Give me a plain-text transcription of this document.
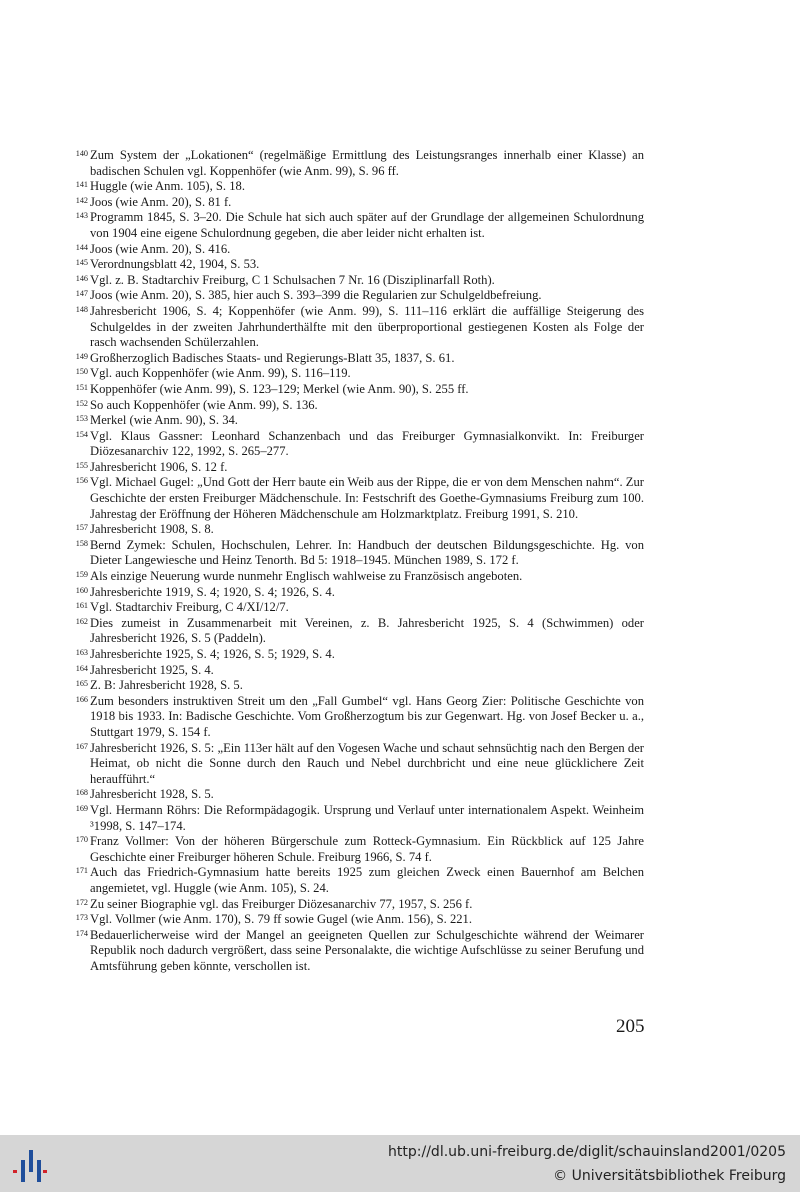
140 Zum System der „Lokationen“ (regelmäßige Ermittlung des Leistungsranges innerhalb einer Klasse) an badischen Schulen vgl. Koppenhöfer (wie Anm. 99), S. 96 ff.
141 Huggle (wie Anm. 105), S. 18.
142 Joos (wie Anm. 20), S. 81 f.
143 Programm 1845, S. 3–20. Die Schule hat sich auch später auf der Grundlage der allgemeinen Schulordnung von 1904 eine eigene Schulordnung gegeben, die aber leider nicht erhalten ist.
144 Joos (wie Anm. 20), S. 416.
145 Verordnungsblatt 42, 1904, S. 53.
146 Vgl. z. B. Stadtarchiv Freiburg, C 1 Schulsachen 7 Nr. 16 (Disziplinarfall Roth).
147 Joos (wie Anm. 20), S. 385, hier auch S. 393–399 die Regularien zur Schulgeldbefreiung.
148 Jahresbericht 1906, S. 4; Koppenhöfer (wie Anm. 99), S. 111–116 erklärt die auffällige Steigerung des Schulgeldes in der zweiten Jahrhunderthälfte mit den überproportional gestiegenen Kosten als Folge der rasch wachsenden Schülerzahlen.
149 Großherzoglich Badisches Staats- und Regierungs-Blatt 35, 1837, S. 61.
150 Vgl. auch Koppenhöfer (wie Anm. 99), S. 116–119.
151 Koppenhöfer (wie Anm. 99), S. 123–129; Merkel (wie Anm. 90), S. 255 ff.
152 So auch Koppenhöfer (wie Anm. 99), S. 136.
153 Merkel (wie Anm. 90), S. 34.
154 Vgl. Klaus Gassner: Leonhard Schanzenbach und das Freiburger Gymnasialkonvikt. In: Freiburger Diözesanarchiv 122, 1992, S. 265–277.
155 Jahresbericht 1906, S. 12 f.
156 Vgl. Michael Gugel: „Und Gott der Herr baute ein Weib aus der Rippe, die er von dem Menschen nahm“. Zur Geschichte der ersten Freiburger Mädchenschule. In: Festschrift des Goethe-Gymnasiums Freiburg zum 100. Jahrestag der Eröffnung der Höheren Mädchenschule am Holzmarktplatz. Freiburg 1991, S. 210.
157 Jahresbericht 1908, S. 8.
158 Bernd Zymek: Schulen, Hochschulen, Lehrer. In: Handbuch der deutschen Bildungsgeschichte. Hg. von Dieter Langewiesche und Heinz Tenorth. Bd 5: 1918–1945. München 1989, S. 172 f.
159 Als einzige Neuerung wurde nunmehr Englisch wahlweise zu Französisch angeboten.
160 Jahresberichte 1919, S. 4; 1920, S. 4; 1926, S. 4.
161 Vgl. Stadtarchiv Freiburg, C 4/XI/12/7.
162 Dies zumeist in Zusammenarbeit mit Vereinen, z. B. Jahresbericht 1925, S. 4 (Schwimmen) oder Jahresbericht 1926, S. 5 (Paddeln).
163 Jahresberichte 1925, S. 4; 1926, S. 5; 1929, S. 4.
164 Jahresbericht 1925, S. 4.
165 Z. B: Jahresbericht 1928, S. 5.
166 Zum besonders instruktiven Streit um den „Fall Gumbel“ vgl. Hans Georg Zier: Politische Geschichte von 1918 bis 1933. In: Badische Geschichte. Vom Großherzogtum bis zur Gegenwart. Hg. von Josef Becker u. a., Stuttgart 1979, S. 154 f.
167 Jahresbericht 1926, S. 5: „Ein 113er hält auf den Vogesen Wache und schaut sehnsüchtig nach den Bergen der Heimat, ob nicht die Sonne durch den Rauch und Nebel durchbricht und eine neue glücklichere Zeit heraufführt.“
168 Jahresbericht 1928, S. 5.
169 Vgl. Hermann Röhrs: Die Reformpädagogik. Ursprung und Verlauf unter internationalem Aspekt. Weinheim ³1998, S. 147–174.
170 Franz Vollmer: Von der höheren Bürgerschule zum Rotteck-Gymnasium. Ein Rückblick auf 125 Jahre Geschichte einer Freiburger höheren Schule. Freiburg 1966, S. 74 f.
171 Auch das Friedrich-Gymnasium hatte bereits 1925 zum gleichen Zweck einen Bauernhof am Belchen angemietet, vgl. Huggle (wie Anm. 105), S. 24.
172 Zu seiner Biographie vgl. das Freiburger Diözesanarchiv 77, 1957, S. 256 f.
173 Vgl. Vollmer (wie Anm. 170), S. 79 ff sowie Gugel (wie Anm. 156), S. 221.
174 Bedauerlicherweise wird der Mangel an geeigneten Quellen zur Schulgeschichte während der Weimarer Republik noch dadurch vergrößert, dass seine Personalakte, die wichtige Aufschlüsse zu seiner Berufung und Amtsführung geben könnte, verschollen ist.
205
http://dl.ub.uni-freiburg.de/diglit/schauinsland2001/0205
© Universitätsbibliothek Freiburg
